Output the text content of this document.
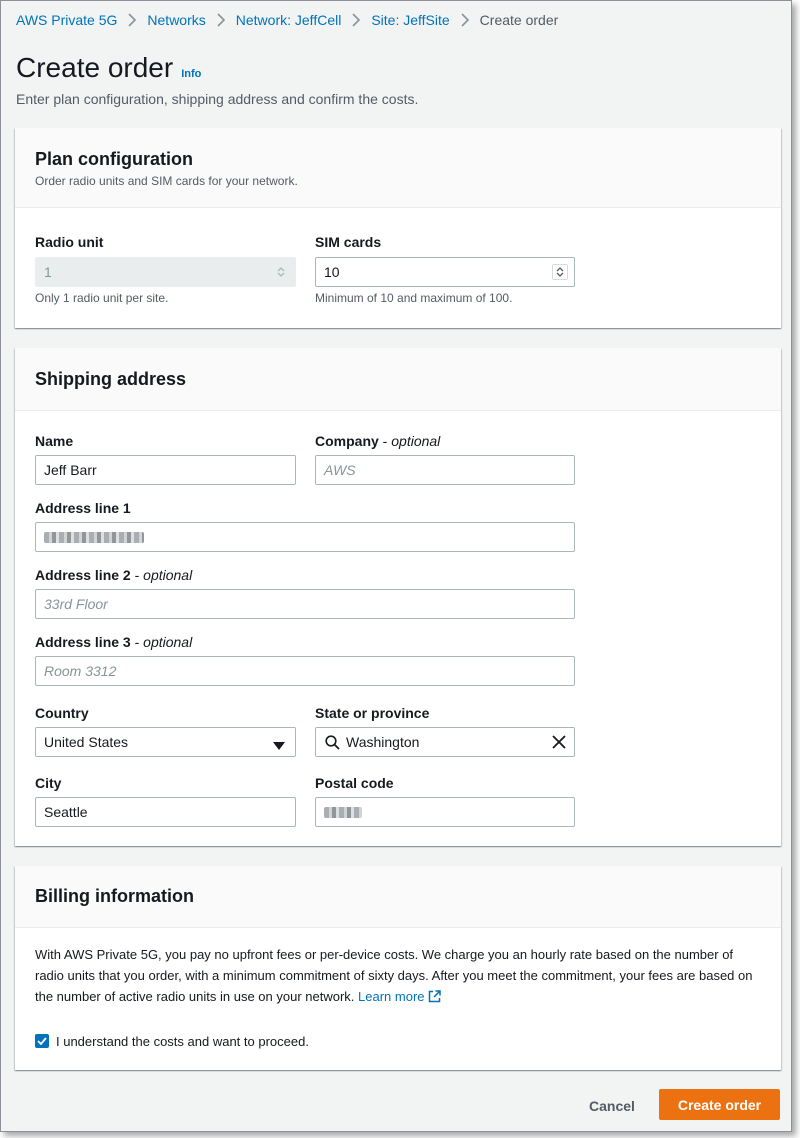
AWS Private 5G Networks Network: JeffCell Site: JeffSite Create order
Create order Info
Enter plan configuration, shipping address and confirm the costs.
Plan configuration
Order radio units and SIM cards for your network.
Radio unit
1
Only 1 radio unit per site.
SIM cards
10
Minimum of 10 and maximum of 100.
Shipping address
Name
Jeff Barr
Company - optional
AWS
Address line 1
Address line 2 - optional
33rd Floor
Address line 3 - optional
Room 3312
Country
United States
State or province
Washington
City
Seattle
Postal code
Billing information
With AWS Private 5G, you pay no upfront fees or per-device costs. We charge you an hourly rate based on the number of radio units that you order, with a minimum commitment of sixty days. After you meet the commitment, your fees are based on the number of active radio units in use on your network. Learn more
I understand the costs and want to proceed.
Cancel	Create order
